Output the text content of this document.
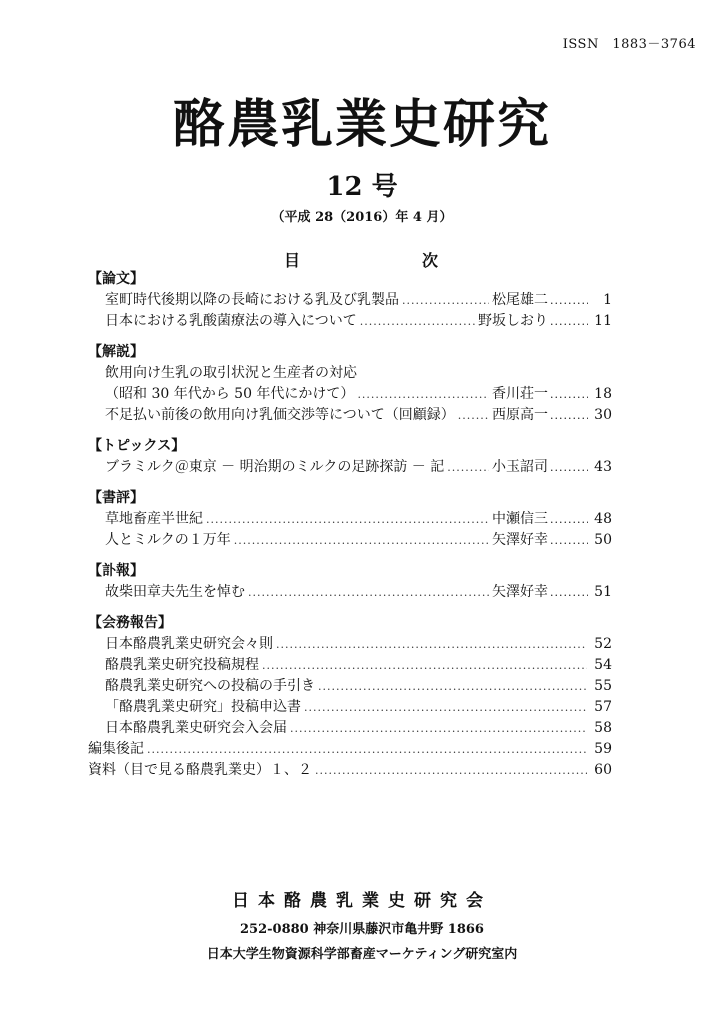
ISSN　1883－3764
酪農乳業史研究
12 号
（平成 28（2016）年 4 月）
目	次
【論文】
室町時代後期以降の長崎における乳及び乳製品 .....	松尾雄二 .....	1
日本における乳酸菌療法の導入について .....	野坂しおり .....	11
【解説】
飲用向け生乳の取引状況と生産者の対応
（昭和 30 年代から 50 年代にかけて） .....	香川荘一 .....	18
不足払い前後の飲用向け乳価交渉等について（回顧録） .....	西原高一 .....	30
【トピックス】
ブラミルク＠東京 － 明治期のミルクの足跡探訪 － 記 .....	小玉詔司 .....	43
【書評】
草地畜産半世紀 .....	中瀬信三 .....	48
人とミルクの１万年 .....	矢澤好幸 .....	50
【訃報】
故柴田章夫先生を悼む .....	矢澤好幸 .....	51
【会務報告】
日本酪農乳業史研究会々則 .....	52
酪農乳業史研究投稿規程 .....	54
酪農乳業史研究への投稿の手引き .....	55
「酪農乳業史研究」投稿申込書 .....	57
日本酪農乳業史研究会入会届 .....	58
編集後記 .....	59
資料（目で見る酪農乳業史）１、２ .....	60
日本酪農乳業史研究会
252-0880 神奈川県藤沢市亀井野 1866
日本大学生物資源科学部畜産マーケティング研究室内
